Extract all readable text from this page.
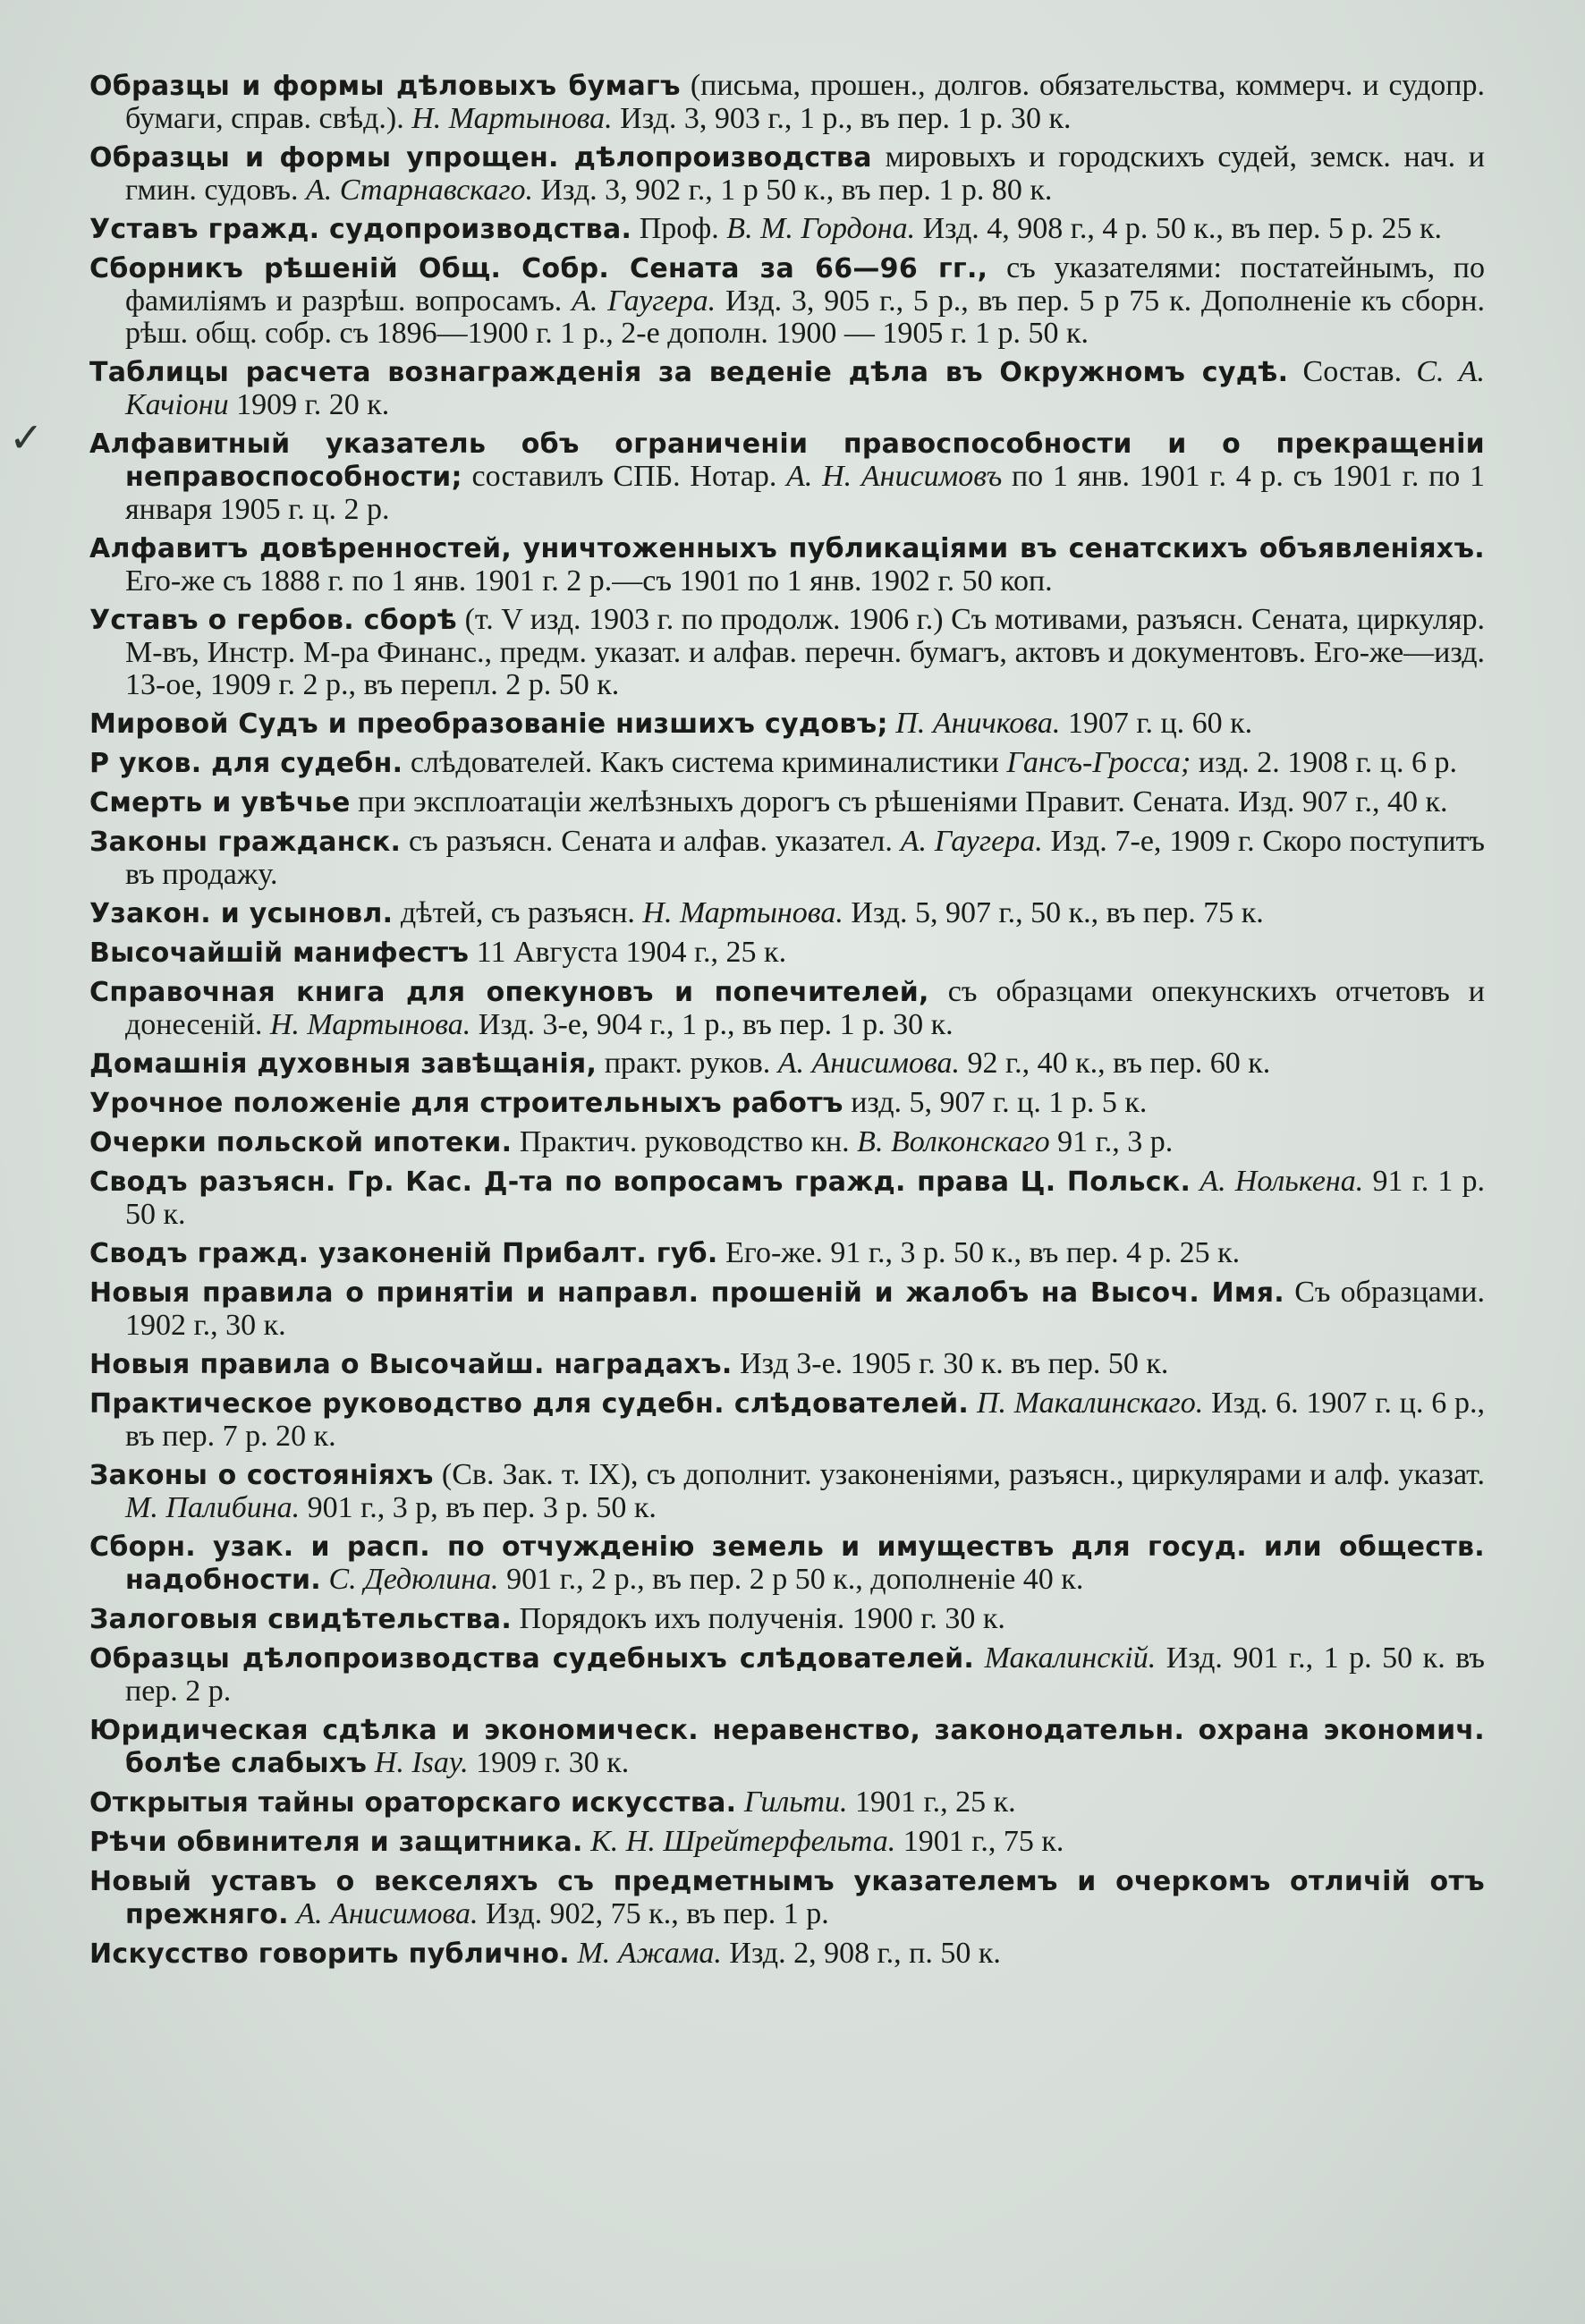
✓

Образцы и формы дѣловыхъ бумагъ (письма, прошен., долгов. обязательства, коммерч. и судопр. бумаги, справ. свѣд.). Н. Мартынова. Изд. 3, 903 г., 1 р., въ пер. 1 р. 30 к.

Образцы и формы упрощен. дѣлопроизводства мировыхъ и городскихъ судей, земск. нач. и гмин. судовъ. А. Старнавскаго. Изд. 3, 902 г., 1 р 50 к., въ пер. 1 р. 80 к.

Уставъ гражд. судопроизводства. Проф. В. М. Гордона. Изд. 4, 908 г., 4 р. 50 к., въ пер. 5 р. 25 к.

Сборникъ рѣшеній Общ. Собр. Сената за 66—96 гг., съ указателями: постатейнымъ, по фамиліямъ и разрѣш. вопросамъ. А. Гаугера. Изд. 3, 905 г., 5 р., въ пер. 5 р 75 к. Дополненіе къ сборн. рѣш. общ. собр. съ 1896—1900 г. 1 р., 2-е дополн. 1900 — 1905 г. 1 р. 50 к.

Таблицы расчета вознагражденія за веденіе дѣла въ Окружномъ судѣ. Состав. С. А. Качіони 1909 г. 20 к.

Алфавитный указатель объ ограниченіи правоспособности и о прекращеніи неправоспособности; составилъ СПБ. Нотар. А. Н. Анисимовъ по 1 янв. 1901 г. 4 р. съ 1901 г. по 1 января 1905 г. ц. 2 р.

Алфавитъ довѣренностей, уничтоженныхъ публикаціями въ сенатскихъ объявленіяхъ. Его-же съ 1888 г. по 1 янв. 1901 г. 2 р.—съ 1901 по 1 янв. 1902 г. 50 коп.

Уставъ о гербов. сборѣ (т. V изд. 1903 г. по продолж. 1906 г.) Съ мотивами, разъясн. Сената, циркуляр. М-въ, Инстр. М-ра Финанс., предм. указат. и алфав. перечн. бумагъ, актовъ и документовъ. Его-же—изд. 13-ое, 1909 г. 2 р., въ перепл. 2 р. 50 к.

Мировой Судъ и преобразованіе низшихъ судовъ; П. Аничкова. 1907 г. ц. 60 к.

Р уков. для судебн. слѣдователей. Какъ система криминалистики Гансъ-Гросса; изд. 2. 1908 г. ц. 6 р.

Смерть и увѣчье при эксплоатаціи желѣзныхъ дорогъ съ рѣшеніями Правит. Сената. Изд. 907 г., 40 к.

Законы гражданск. съ разъясн. Сената и алфав. указател. А. Гаугера. Изд. 7-е, 1909 г. Скоро поступитъ въ продажу.

Узакон. и усыновл. дѣтей, съ разъясн. Н. Мартынова. Изд. 5, 907 г., 50 к., въ пер. 75 к.

Высочайшій манифестъ 11 Августа 1904 г., 25 к.

Справочная книга для опекуновъ и попечителей, съ образцами опекунскихъ отчетовъ и донесеній. Н. Мартынова. Изд. 3-е, 904 г., 1 р., въ пер. 1 р. 30 к.

Домашнія духовныя завѣщанія, практ. руков. А. Анисимова. 92 г., 40 к., въ пер. 60 к.

Урочное положеніе для строительныхъ работъ изд. 5, 907 г. ц. 1 р. 5 к.

Очерки польской ипотеки. Практич. руководство кн. В. Волконскаго 91 г., 3 р.

Сводъ разъясн. Гр. Кас. Д-та по вопросамъ гражд. права Ц. Польск. А. Нолькена. 91 г. 1 р. 50 к.

Сводъ гражд. узаконеній Прибалт. губ. Его-же. 91 г., 3 р. 50 к., въ пер. 4 р. 25 к.

Новыя правила о принятіи и направл. прошеній и жалобъ на Высоч. Имя. Съ образцами. 1902 г., 30 к.

Новыя правила о Высочайш. наградахъ. Изд 3-е. 1905 г. 30 к. въ пер. 50 к.

Практическое руководство для судебн. слѣдователей. П. Макалинскаго. Изд. 6. 1907 г. ц. 6 р., въ пер. 7 р. 20 к.

Законы о состояніяхъ (Св. Зак. т. IX), съ дополнит. узаконеніями, разъясн., циркулярами и алф. указат. М. Палибина. 901 г., 3 р, въ пер. 3 р. 50 к.

Сборн. узак. и расп. по отчужденію земель и имуществъ для госуд. или обществ. надобности. С. Дедюлина. 901 г., 2 р., въ пер. 2 р 50 к., дополненіе 40 к.

Залоговыя свидѣтельства. Порядокъ ихъ полученія. 1900 г. 30 к.

Образцы дѣлопроизводства судебныхъ слѣдователей. Макалинскій. Изд. 901 г., 1 р. 50 к. въ пер. 2 р.

Юридическая сдѣлка и экономическ. неравенство, законодательн. охрана экономич. болѣе слабыхъ Н. Isay. 1909 г. 30 к.

Открытыя тайны ораторскаго искусства. Гильти. 1901 г., 25 к.

Рѣчи обвинителя и защитника. К. Н. Шрейтерфельта. 1901 г., 75 к.

Новый уставъ о векселяхъ съ предметнымъ указателемъ и очеркомъ отличій отъ прежняго. А. Анисимова. Изд. 902, 75 к., въ пер. 1 р.

Искусство говорить публично. М. Ажама. Изд. 2, 908 г., п. 50 к.
